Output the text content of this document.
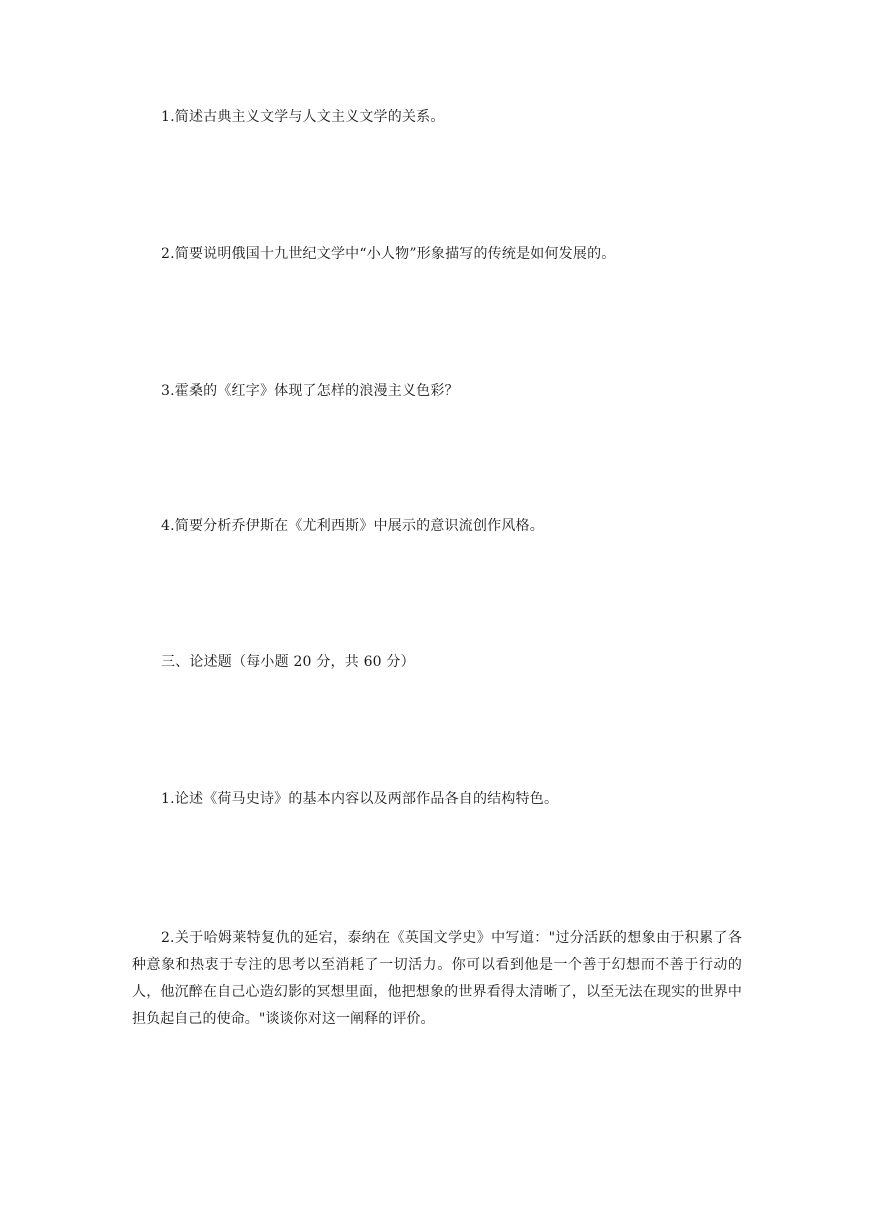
1.简述古典主义文学与人文主义文学的关系。
2.简要说明俄国十九世纪文学中“小人物”形象描写的传统是如何发展的。
3.霍桑的《红字》体现了怎样的浪漫主义色彩？
4.简要分析乔伊斯在《尤利西斯》中展示的意识流创作风格。
三、论述题（每小题 20 分，共 60 分）
1.论述《荷马史诗》的基本内容以及两部作品各自的结构特色。
2.关于哈姆莱特复仇的延宕，泰纳在《英国文学史》中写道："过分活跃的想象由于积累了各种意象和热衷于专注的思考以至消耗了一切活力。你可以看到他是一个善于幻想而不善于行动的人，他沉醉在自己心造幻影的冥想里面，他把想象的世界看得太清晰了，以至无法在现实的世界中担负起自己的使命。"谈谈你对这一阐释的评价。
